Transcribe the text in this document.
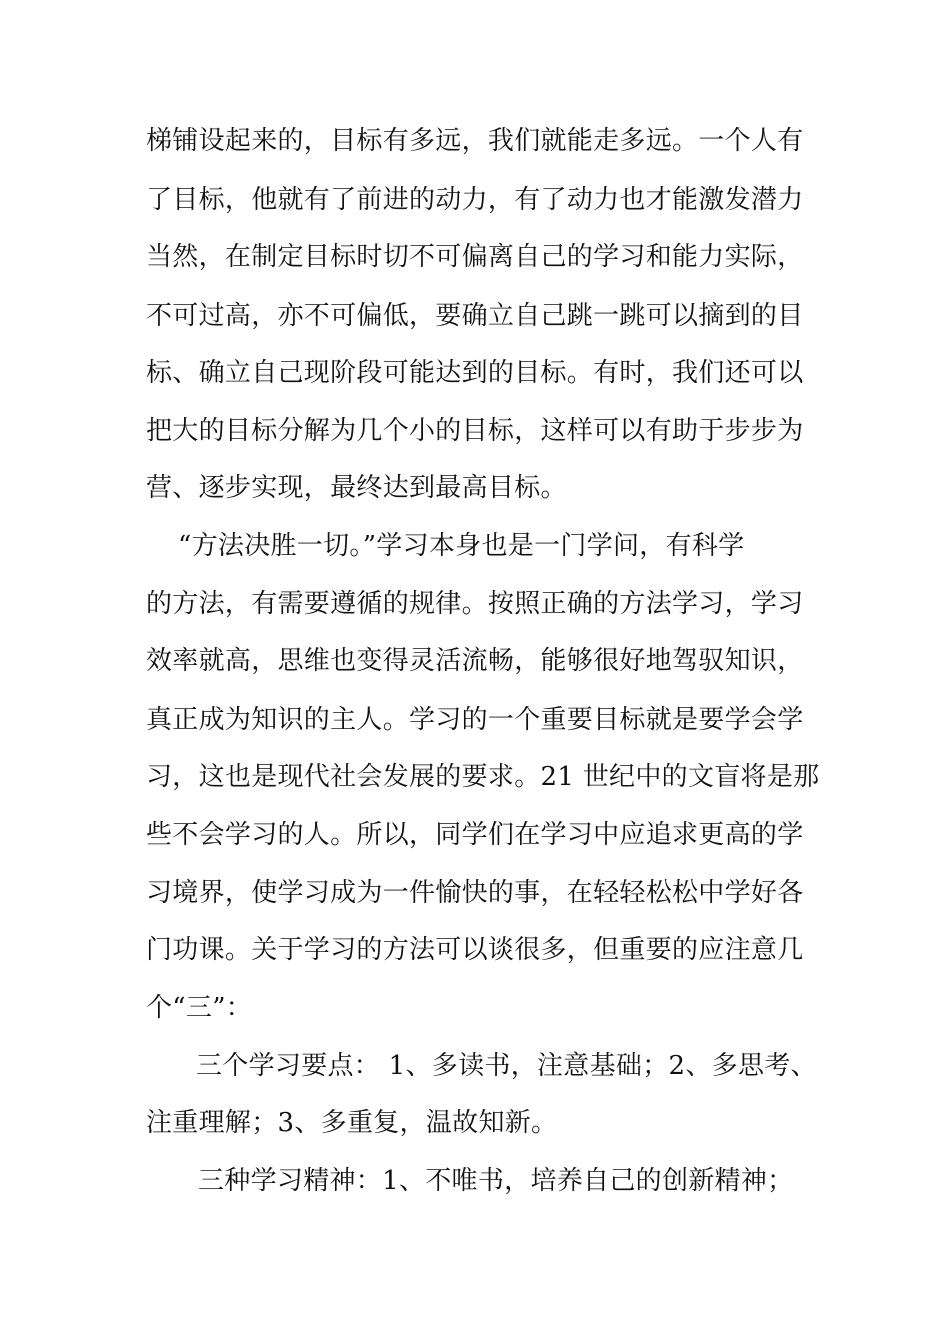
梯铺设起来的，目标有多远，我们就能走多远。一个人有
了目标，他就有了前进的动力，有了动力也才能激发潜力
当然，在制定目标时切不可偏离自己的学习和能力实际，
不可过高，亦不可偏低，要确立自己跳一跳可以摘到的目
标、确立自己现阶段可能达到的目标。有时，我们还可以
把大的目标分解为几个小的目标，这样可以有助于步步为
营、逐步实现，最终达到最高目标。
“方法决胜一切。”学习本身也是一门学问，有科学
的方法，有需要遵循的规律。按照正确的方法学习，学习
效率就高，思维也变得灵活流畅，能够很好地驾驭知识，
真正成为知识的主人。学习的一个重要目标就是要学会学
习，这也是现代社会发展的要求。21 世纪中的文盲将是那
些不会学习的人。所以，同学们在学习中应追求更高的学
习境界，使学习成为一件愉快的事，在轻轻松松中学好各
门功课。关于学习的方法可以谈很多，但重要的应注意几
个“三”：
三个学习要点： 1、多读书，注意基础；2、多思考、
注重理解；3、多重复，温故知新。
三种学习精神：1、不唯书，培养自己的创新精神；
